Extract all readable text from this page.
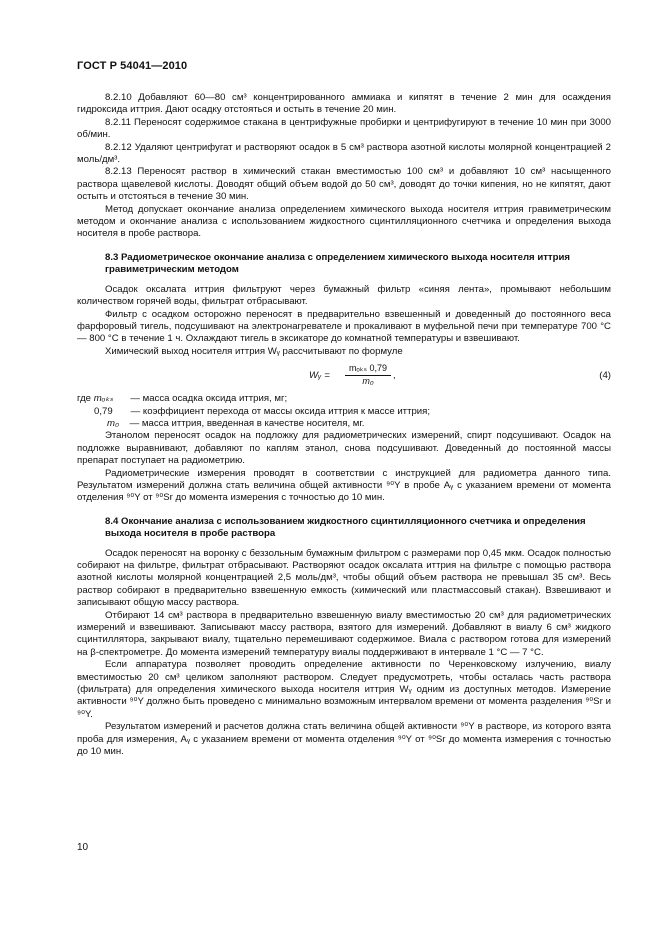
ГОСТ Р 54041—2010

8.2.10 Добавляют 60—80 см³ концентрированного аммиака и кипятят в течение 2 мин для осаждения гидроксида иттрия. Дают осадку отстояться и остыть в течение 20 мин.

8.2.11 Переносят содержимое стакана в центрифужные пробирки и центрифугируют в течение 10 мин при 3000 об/мин.

8.2.12 Удаляют центрифугат и растворяют осадок в 5 см³ раствора азотной кислоты молярной концентрацией 2 моль/дм³.

8.2.13 Переносят раствор в химический стакан вместимостью 100 см³ и добавляют 10 см³ насыщенного раствора щавелевой кислоты. Доводят общий объем водой до 50 см³, доводят до точки кипения, но не кипятят, дают остыть и отстояться в течение 30 мин.

Метод допускает окончание анализа определением химического выхода носителя иттрия гравиметрическим методом и окончание анализа с использованием жидкостного сцинтилляционного счетчика и определения выхода носителя в пробе раствора.

8.3 Радиометрическое окончание анализа с определением химического выхода носителя иттрия гравиметрическим методом

Осадок оксалата иттрия фильтруют через бумажный фильтр «синяя лента», промывают небольшим количеством горячей воды, фильтрат отбрасывают.

Фильтр с осадком осторожно переносят в предварительно взвешенный и доведенный до постоянного веса фарфоровый тигель, подсушивают на электронагревателе и прокаливают в муфельной печи при температуре 700 °С — 800 °С в течение 1 ч. Охлаждают тигель в эксикаторе до комнатной температуры и взвешивают.

Химический выход носителя иттрия Wᵧ рассчитывают по формуле

Wᵧ =
mₒₖₛ 0,79
m₀	,	(4)

где mₒₖₛ — масса осадка оксида иттрия, мг;

0,79 — коэффициент перехода от массы оксида иттрия к массе иттрия;

m₀ — масса иттрия, введенная в качестве носителя, мг.

Этанолом переносят осадок на подложку для радиометрических измерений, спирт подсушивают. Осадок на подложке выравнивают, добавляют по каплям этанол, снова подсушивают. Доведенный до постоянной массы препарат поступает на радиометрию.

Радиометрические измерения проводят в соответствии с инструкцией для радиометра данного типа. Результатом измерений должна стать величина общей активности ⁹⁰Y в пробе Aᵧ с указанием времени от момента отделения ⁹⁰Y от ⁹⁰Sr до момента измерения с точностью до 10 мин.

8.4 Окончание анализа с использованием жидкостного сцинтилляционного счетчика и определения выхода носителя в пробе раствора

Осадок переносят на воронку с беззольным бумажным фильтром с размерами пор 0,45 мкм. Осадок полностью собирают на фильтре, фильтрат отбрасывают. Растворяют осадок оксалата иттрия на фильтре с помощью раствора азотной кислоты молярной концентрацией 2,5 моль/дм³, чтобы общий объем раствора не превышал 35 см³. Весь раствор собирают в предварительно взвешенную емкость (химический или пластмассовый стакан). Взвешивают и записывают общую массу раствора.

Отбирают 14 см³ раствора в предварительно взвешенную виалу вместимостью 20 см³ для радиометрических измерений и взвешивают. Записывают массу раствора, взятого для измерений. Добавляют в виалу 6 см³ жидкого сцинтиллятора, закрывают виалу, тщательно перемешивают содержимое. Виала с раствором готова для измерений на β-спектрометре. До момента измерений температуру виалы поддерживают в интервале 1 °С — 7 °С.

Если аппаратура позволяет проводить определение активности по Черенковскому излучению, виалу вместимостью 20 см³ целиком заполняют раствором. Следует предусмотреть, чтобы осталась часть раствора (фильтрата) для определения химического выхода носителя иттрия Wᵧ одним из доступных методов. Измерение активности ⁹⁰Y должно быть проведено с минимально возможным интервалом времени от момента разделения ⁹⁰Sr и ⁹⁰Y.

Результатом измерений и расчетов должна стать величина общей активности ⁹⁰Y в растворе, из которого взята проба для измерения, Aᵧ с указанием времени от момента отделения ⁹⁰Y от ⁹⁰Sr до момента измерения с точностью до 10 мин.

10
